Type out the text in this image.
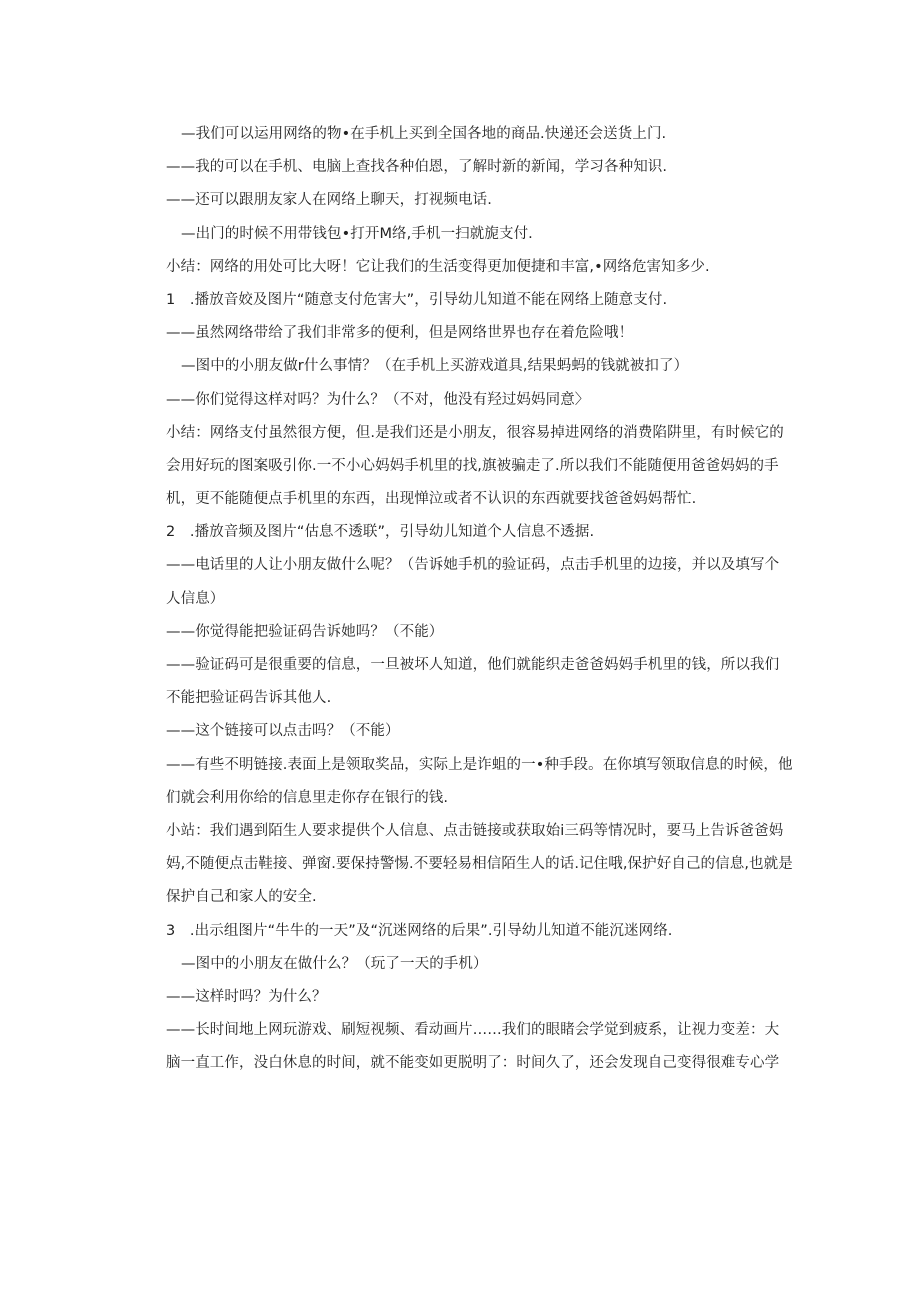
—我们可以运用网络的物•在手机上买到全国各地的商品.快递还会送货上门.
——我的可以在手机、电脑上查找各种伯恩，了解时新的新闻，学习各种知识.
——还可以跟朋友家人在网络上聊天，打视频电话.
—出门的时候不用带钱包•打开M络,手机一扫就旎支付.
小结：网络的用处可比大呀！它让我们的生活变得更加便捷和丰富,•网络危害知多少.
1　.播放音姣及图片“随意支付危害大”，引导幼儿知道不能在网络上随意支付.
——虽然网络带给了我们非常多的便利，但是网络世界也存在着危险哦！
—图中的小朋友做r什么事情？（在手机上买游戏道具,结果蚂蚂的钱就被扣了）
——你们觉得这样对吗？为什么？（不对，他没有羟过妈妈同意〉
小结：网络支付虽然很方便，但.是我们还是小朋友，很容易掉进网络的消费陷阱里，有时候它的
会用好玩的图案吸引你.一不小心妈妈手机里的找,旗被骗走了.所以我们不能随便用爸爸妈妈的手
机，更不能随便点手机里的东西，出现惮泣或者不认识的东西就要找爸爸妈妈帮忙.
2　.播放音频及图片“估息不透联”，引导幼儿知道个人信息不透据.
——电话里的人让小朋友做什么呢？（告诉她手机的验证码，点击手机里的边接，并以及填写个
人信息）
——你觉得能把验证码告诉她吗？（不能）
——验证码可是很重要的信息，一旦被坏人知道，他们就能织走爸爸妈妈手机里的钱，所以我们
不能把验证码告诉其他人.
——这个链接可以点击吗？（不能）
——有些不明链接.表面上是领取奖品，实际上是诈蛆的一•种手段。在你填写领取信息的时候，他
们就会利用你给的信息里走你存在银行的钱.
小站：我们遇到陌生人要求提供个人信息、点击链接或获取始i三码等情况时，要马上告诉爸爸妈
妈,不随便点击鞋接、弹窗.要保持警惕.不要轻易相信陌生人的话.记住哦,保护好自己的信息,也就是
保护自己和家人的安全.
3　.出示组图片“牛牛的一天”及“沉迷网络的后果”.引导幼儿知道不能沉迷网络.
—图中的小朋友在做什么？（玩了一天的手机）
——这样时吗？为什么？
——长时间地上网玩游戏、刷短视频、看动画片……我们的眼睹会学觉到疲系，让视力变差：大
脑一直工作，没白休息的时间，就不能变如更脱明了：时间久了，还会发现自己变得很难专心学
